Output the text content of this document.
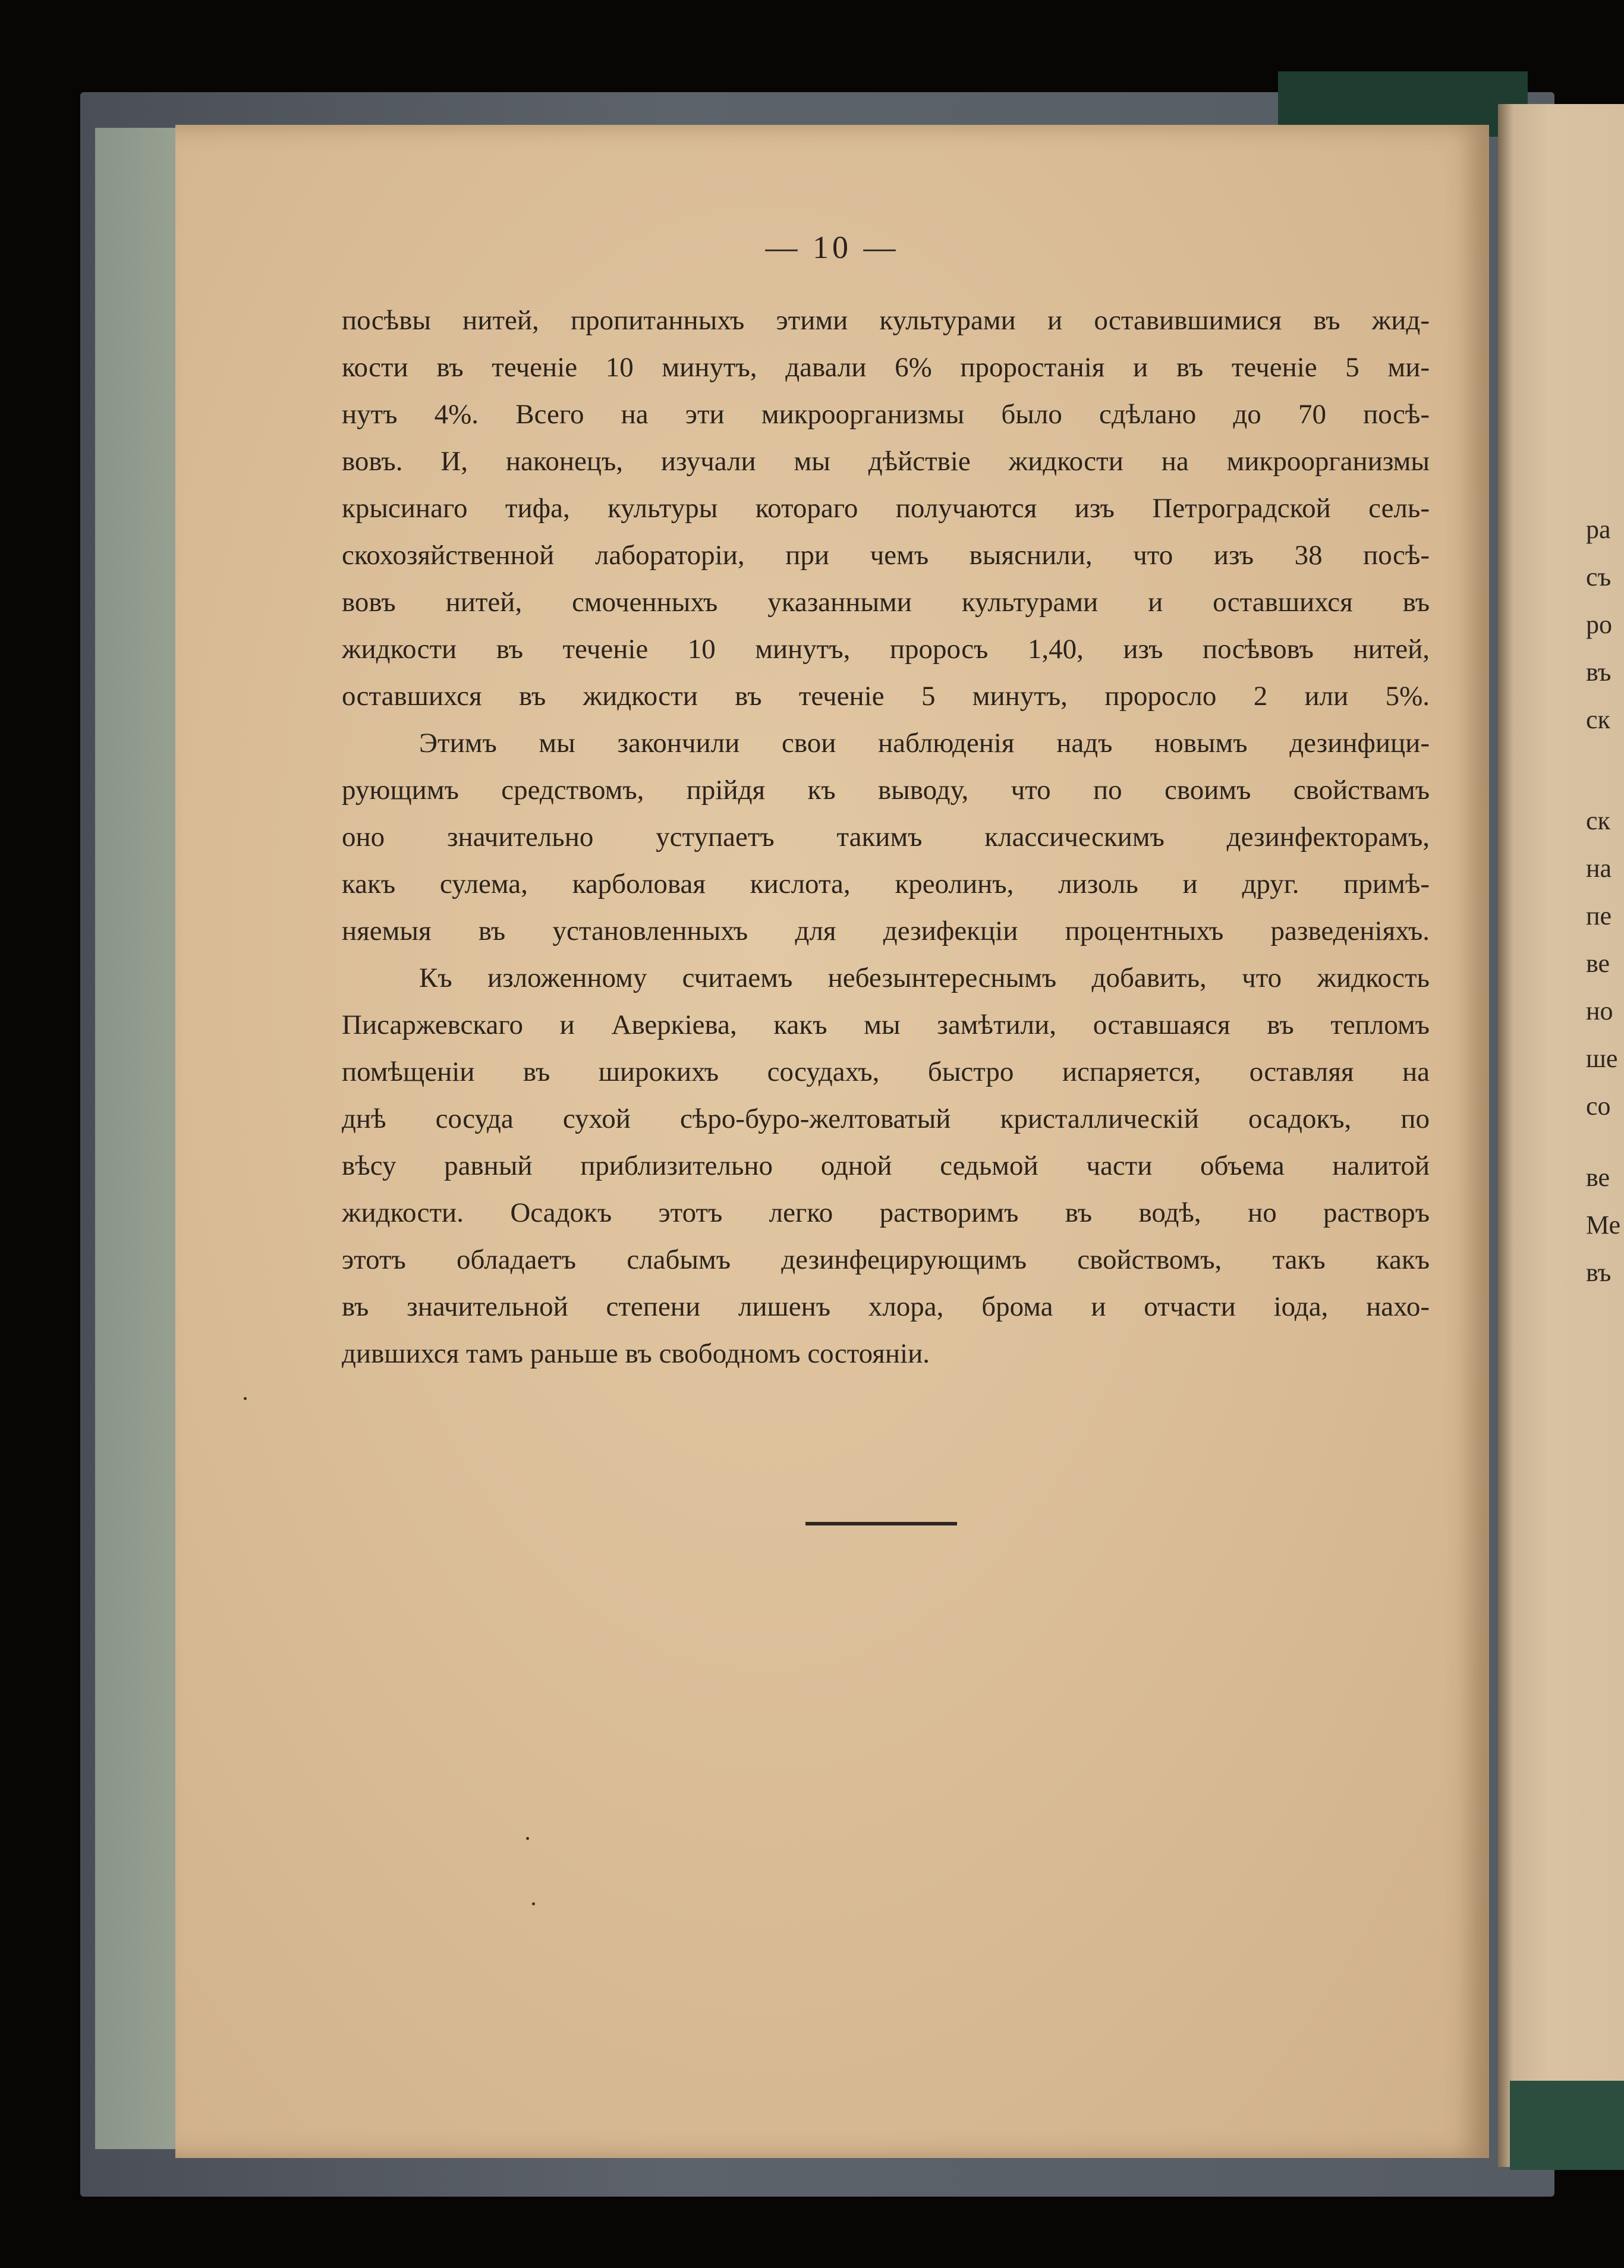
ра
съ
ро
въ
ск
ск
на
пе
ве
но
ше
со
ве
Ме
въ
— 10 —
посѣвы нитей, пропитанныхъ этими культурами и оставившимися въ жид-
кости въ теченіе 10 минутъ, давали 6% проростанія и въ теченіе 5 ми-
нутъ 4%. Всего на эти микроорганизмы было сдѣлано до 70 посѣ-
вовъ. И, наконецъ, изучали мы дѣйствіе жидкости на микроорганизмы
крысинаго тифа, культуры котораго получаются изъ Петроградской сель-
скохозяйственной лабораторіи, при чемъ выяснили, что изъ 38 посѣ-
вовъ нитей, смоченныхъ указанными культурами и оставшихся въ
жидкости въ теченіе 10 минутъ, проросъ 1,40, изъ посѣвовъ нитей,
оставшихся въ жидкости въ теченіе 5 минутъ, проросло 2 или 5%.
Этимъ мы закончили свои наблюденія надъ новымъ дезинфици-
рующимъ средствомъ, прійдя къ выводу, что по своимъ свойствамъ
оно значительно уступаетъ такимъ классическимъ дезинфекторамъ,
какъ сулема, карболовая кислота, креолинъ, лизоль и друг. примѣ-
няемыя въ установленныхъ для дезифекціи процентныхъ разведеніяхъ.
Къ изложенному считаемъ небезынтереснымъ добавить, что жидкость
Писаржевскаго и Аверкіева, какъ мы замѣтили, оставшаяся въ тепломъ
помѣщеніи въ широкихъ сосудахъ, быстро испаряется, оставляя на
днѣ сосуда сухой сѣро-буро-желтоватый кристаллическій осадокъ, по
вѣсу равный приблизительно одной седьмой части объема налитой
жидкости. Осадокъ этотъ легко растворимъ въ водѣ, но растворъ
этотъ обладаетъ слабымъ дезинфецирующимъ свойствомъ, такъ какъ
въ значительной степени лишенъ хлора, брома и отчасти іода, нахо-
дившихся тамъ раньше въ свободномъ состояніи.
